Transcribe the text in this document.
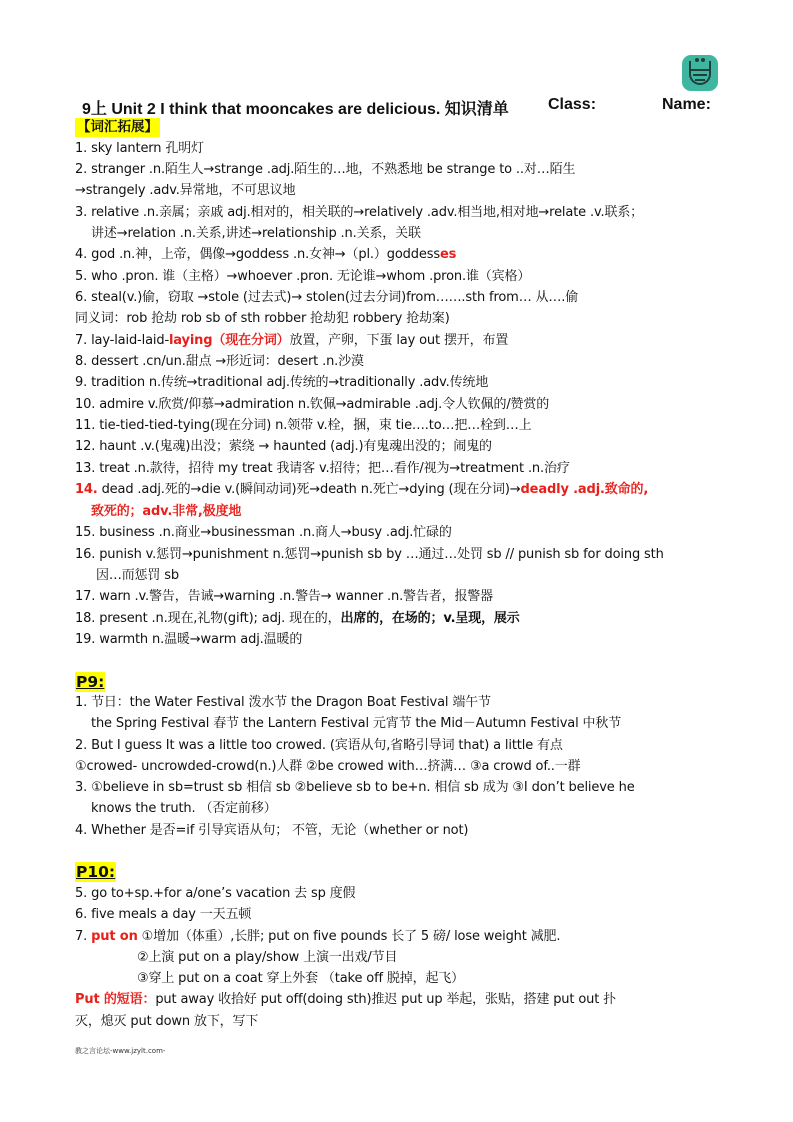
9上 Unit 2 I think that mooncakes are delicious. 知识清单 Class:	Name:
【词汇拓展】
1. sky lantern 孔明灯
2. stranger .n.陌生人→strange .adj.陌生的…地，不熟悉地 be strange to ..对…陌生
→strangely .adv.异常地，不可思议地
3. relative .n.亲属；亲戚 adj.相对的，相关联的→relatively .adv.相当地,相对地→relate .v.联系；
讲述→relation .n.关系,讲述→relationship .n.关系，关联
4. god .n.神，上帝，偶像→goddess .n.女神→（pl.）goddesses
5. who .pron. 谁（主格）→whoever .pron. 无论谁→whom .pron.谁（宾格）
6. steal(v.)偷，窃取 →stole (过去式)→ stolen(过去分词)from…….sth from… 从….偷
同义词：rob 抢劫 rob sb of sth robber 抢劫犯 robbery 抢劫案)
7. lay-laid-laid-laying（现在分词）放置，产卵，下蛋 lay out 摆开，布置
8. dessert .cn/un.甜点 →形近词：desert .n.沙漠
9. tradition n.传统→traditional adj.传统的→traditionally .adv.传统地
10. admire v.欣赏/仰慕→admiration n.钦佩→admirable .adj.令人钦佩的/赞赏的
11. tie-tied-tied-tying(现在分词) n.领带 v.栓，捆，束 tie….to…把…栓到…上
12. haunt .v.(鬼魂)出没；萦绕 → haunted (adj.)有鬼魂出没的；闹鬼的
13. treat .n.款待，招待 my treat 我请客 v.招待；把…看作/视为→treatment .n.治疗
14. dead .adj.死的→die v.(瞬间动词)死→death n.死亡→dying (现在分词)→deadly .adj.致命的,
致死的；adv.非常,极度地
15. business .n.商业→businessman .n.商人→busy .adj.忙碌的
16. punish v.惩罚→punishment n.惩罚→punish sb by …通过…处罚 sb // punish sb for doing sth
因…而惩罚 sb
17. warn .v.警告，告诫→warning .n.警告→ wanner .n.警告者，报警器
18. present .n.现在,礼物(gift); adj. 现在的，出席的，在场的；v.呈现，展示
19. warmth n.温暖→warm adj.温暖的
P9:
1. 节日：the Water Festival 泼水节 the Dragon Boat Festival 端午节
the Spring Festival 春节 the Lantern Festival 元宵节 the Mid－Autumn Festival 中秋节
2. But I guess It was a little too crowed. (宾语从句,省略引导词 that) a little 有点
①crowed- uncrowded-crowd(n.)人群 ②be crowed with…挤满… ③a crowd of..一群
3. ①believe in sb=trust sb 相信 sb ②believe sb to be+n. 相信 sb 成为 ③I don’t believe he
knows the truth. （否定前移）
4. Whether 是否=if 引导宾语从句； 不管，无论（whether or not)
P10:
5. go to+sp.+for a/one’s vacation 去 sp 度假
6. five meals a day 一天五顿
7. put on ①增加（体重）,长胖; put on five pounds 长了 5 磅/ lose weight 减肥.
②上演 put on a play/show 上演一出戏/节目
③穿上 put on a coat 穿上外套 （take off 脱掉，起飞）
Put 的短语：put away 收拾好 put off(doing sth)推迟 put up 举起，张贴，搭建 put out 扑
灭，熄灭 put down 放下，写下
教之言论坛-www.jzylt.com-
